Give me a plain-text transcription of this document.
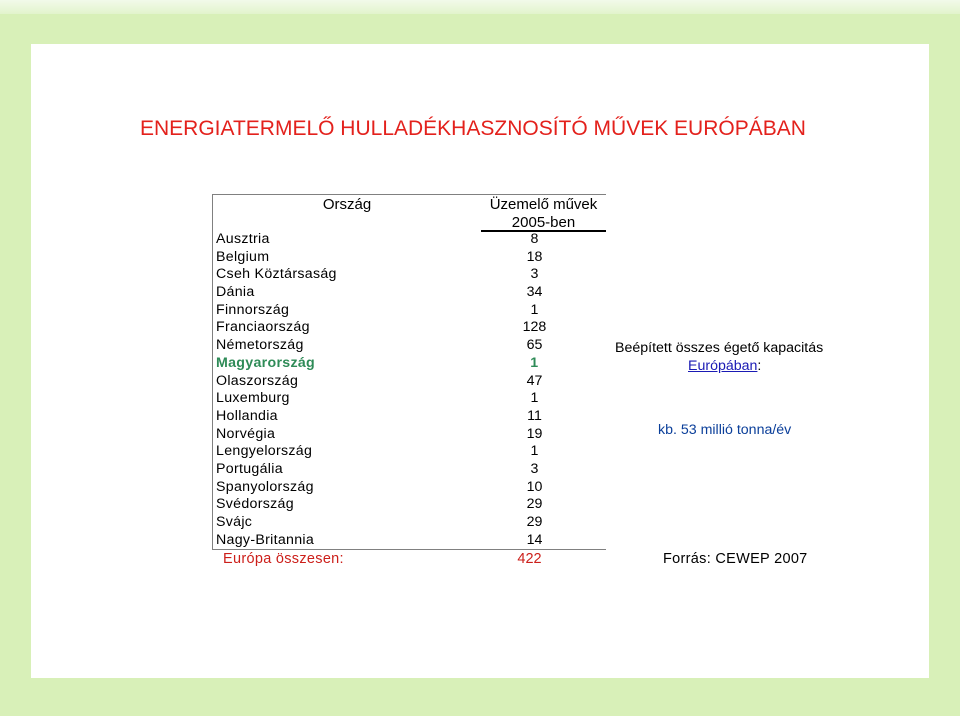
ENERGIATERMELŐ HULLADÉKHASZNOSÍTÓ MŰVEK EURÓPÁBAN
Ország	Üzemelő művek
2005-ben
Ausztria	8
Belgium	18
Cseh Köztársaság	3
Dánia	34
Finnország	1
Franciaország	128
Németország	65
Magyarország	1
Olaszország	47
Luxemburg	1
Hollandia	11
Norvégia	19
Lengyelország	1
Portugália	3
Spanyolország	10
Svédország	29
Svájc	29
Nagy-Britannia	14
Európa összesen:	422
Beépített összes égető kapacitás
Európában:
kb. 53 millió tonna/év
Forrás: CEWEP 2007
